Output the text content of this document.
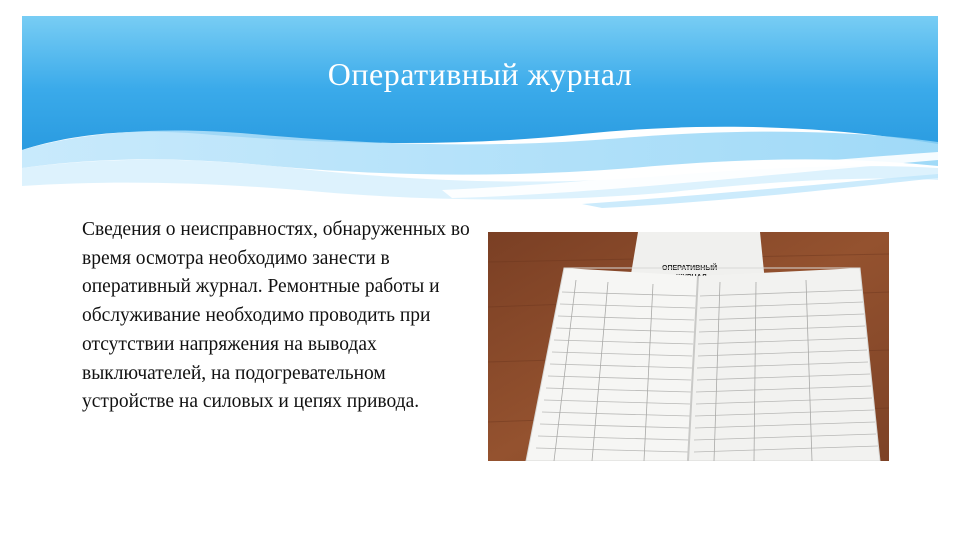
Оперативный журнал
Сведения о неисправностях, обнаруженных во время осмотра необходимо занести в оперативный журнал. Ремонтные работы и обслуживание необходимо проводить при отсутствии напряжения на выводах выключателей, на подогревательном устройстве на силовых и цепях привода.
ОПЕРАТИВНЫЙ
